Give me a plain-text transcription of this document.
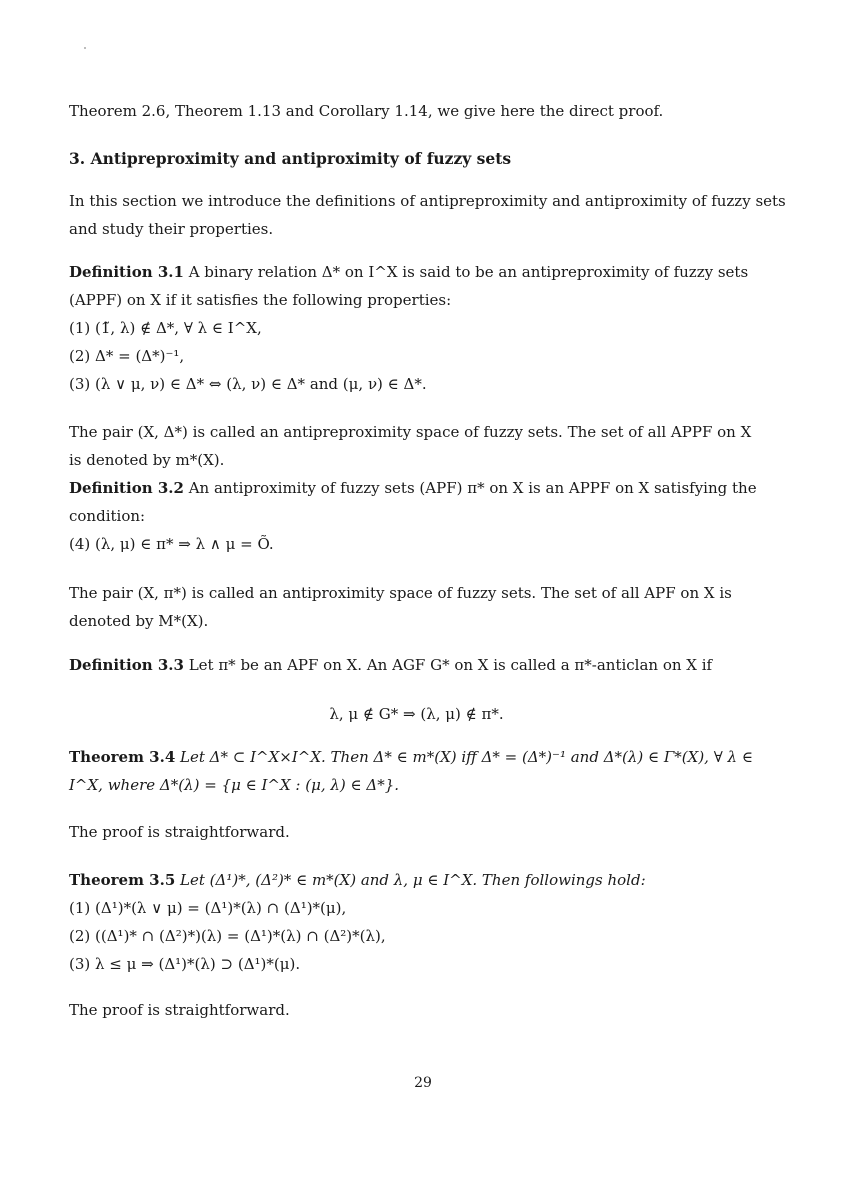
Theorem 2.6, Theorem 1.13 and Corollary 1.14, we give here the direct proof.

3. Antipreproximity and antiproximity of fuzzy sets

In this section we introduce the definitions of antipreproximity and antiproximity of fuzzy sets
and study their properties.

Definition 3.1 A binary relation Δ* on I^X is said to be an antipreproximity of fuzzy sets
(APPF) on X if it satisfies the following properties:
(1) (1̃, λ) ∉ Δ*, ∀ λ ∈ I^X,
(2) Δ* = (Δ*)⁻¹,
(3) (λ ∨ μ, ν) ∈ Δ* ⇔ (λ, ν) ∈ Δ* and (μ, ν) ∈ Δ*.

The pair (X, Δ*) is called an antipreproximity space of fuzzy sets. The set of all APPF on X
is denoted by m*(X).

Definition 3.2 An antiproximity of fuzzy sets (APF) π* on X is an APPF on X satisfying the
condition:
(4) (λ, μ) ∈ π* ⇒ λ ∧ μ = Õ.

The pair (X, π*) is called an antiproximity space of fuzzy sets. The set of all APF on X is
denoted by M*(X).

Definition 3.3 Let π* be an APF on X. An AGF G* on X is called a π*-anticlan on X if

λ, μ ∉ G* ⇒ (λ, μ) ∉ π*.

Theorem 3.4 Let Δ* ⊂ I^X×I^X. Then Δ* ∈ m*(X) iff Δ* = (Δ*)⁻¹ and Δ*(λ) ∈ Γ*(X), ∀ λ ∈
I^X, where Δ*(λ) = {μ ∈ I^X : (μ, λ) ∈ Δ*}.

The proof is straightforward.

Theorem 3.5 Let (Δ¹)*, (Δ²)* ∈ m*(X) and λ, μ ∈ I^X. Then followings hold:
(1) (Δ¹)*(λ ∨ μ) = (Δ¹)*(λ) ∩ (Δ¹)*(μ),
(2) ((Δ¹)* ∩ (Δ²)*)(λ) = (Δ¹)*(λ) ∩ (Δ²)*(λ),
(3) λ ≤ μ ⇒ (Δ¹)*(λ) ⊃ (Δ¹)*(μ).

The proof is straightforward.

29
